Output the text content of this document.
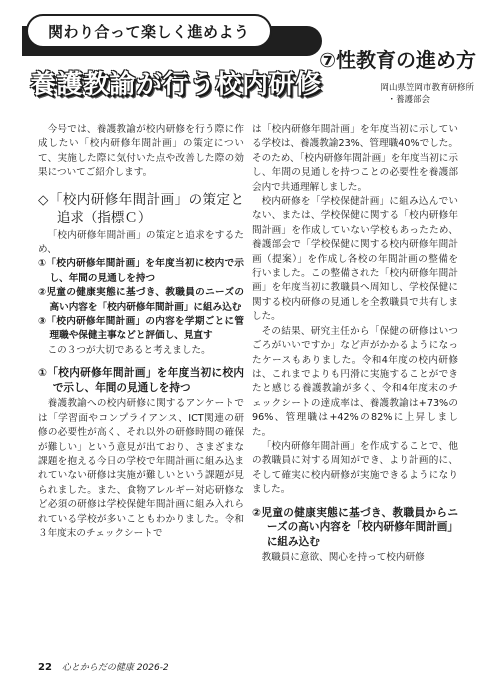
関わり合って楽しく進めよう
⑦性教育の進め方
養護教諭が行う校内研修	岡山県笠岡市教育研修所
・養護部会

今号では、養護教諭が校内研修を行う際に作成したい「校内研修年間計画」の策定について、実施した際に気付いた点や改善した際の効果についてご紹介します。

◇「校内研修年間計画」の策定と追求（指標Ｃ）

「校内研修年間計画」の策定と追求をするため、

①「校内研修年間計画」を年度当初に校内で示し、年間の見通しを持つ

②児童の健康実態に基づき、教職員のニーズの高い内容を「校内研修年間計画」に組み込む

③「校内研修年間計画」の内容を学期ごとに管理職や保健主事などと評価し、見直す

この３つが大切であると考えました。

①「校内研修年間計画」を年度当初に校内で示し、年間の見通しを持つ

養護教諭への校内研修に関するアンケートでは「学習面やコンプライアンス、ICT関連の研修の必要性が高く、それ以外の研修時間の確保が難しい」という意見が出ており、さまざまな課題を抱える今日の学校で年間計画に組み込まれていない研修は実施が難しいという課題が見られました。また、食物アレルギー対応研修など必須の研修は学校保健年間計画に組み入れられている学校が多いこともわかりました。令和３年度末のチェックシートで

は「校内研修年間計画」を年度当初に示している学校は、養護教諭23%、管理職40%でした。そのため、「校内研修年間計画」を年度当初に示し、年間の見通しを持つことの必要性を養護部会内で共通理解しました。

校内研修を「学校保健計画」に組み込んでいない、または、学校保健に関する「校内研修年間計画」を作成していない学校もあったため、養護部会で「学校保健に関する校内研修年間計画（提案）」を作成し各校の年間計画の整備を行いました。この整備された「校内研修年間計画」を年度当初に教職員へ周知し、学校保健に関する校内研修の見通しを全教職員で共有しました。

その結果、研究主任から「保健の研修はいつごろがいいですか」など声がかかるようになったケースもありました。令和4年度の校内研修は、これまでよりも円滑に実施することができたと感じる養護教諭が多く、令和4年度末のチェックシートの達成率は、養護教諭は+73%の96%、管理職は+42%の82%に上昇しました。

「校内研修年間計画」を作成することで、他の教職員に対する周知ができ、より計画的に、そして確実に校内研修が実施できるようになりました。

②児童の健康実態に基づき、教職員からニーズの高い内容を「校内研修年間計画」に組み込む

教職員に意欲、関心を持って校内研修

22 心とからだの健康 2026-2
